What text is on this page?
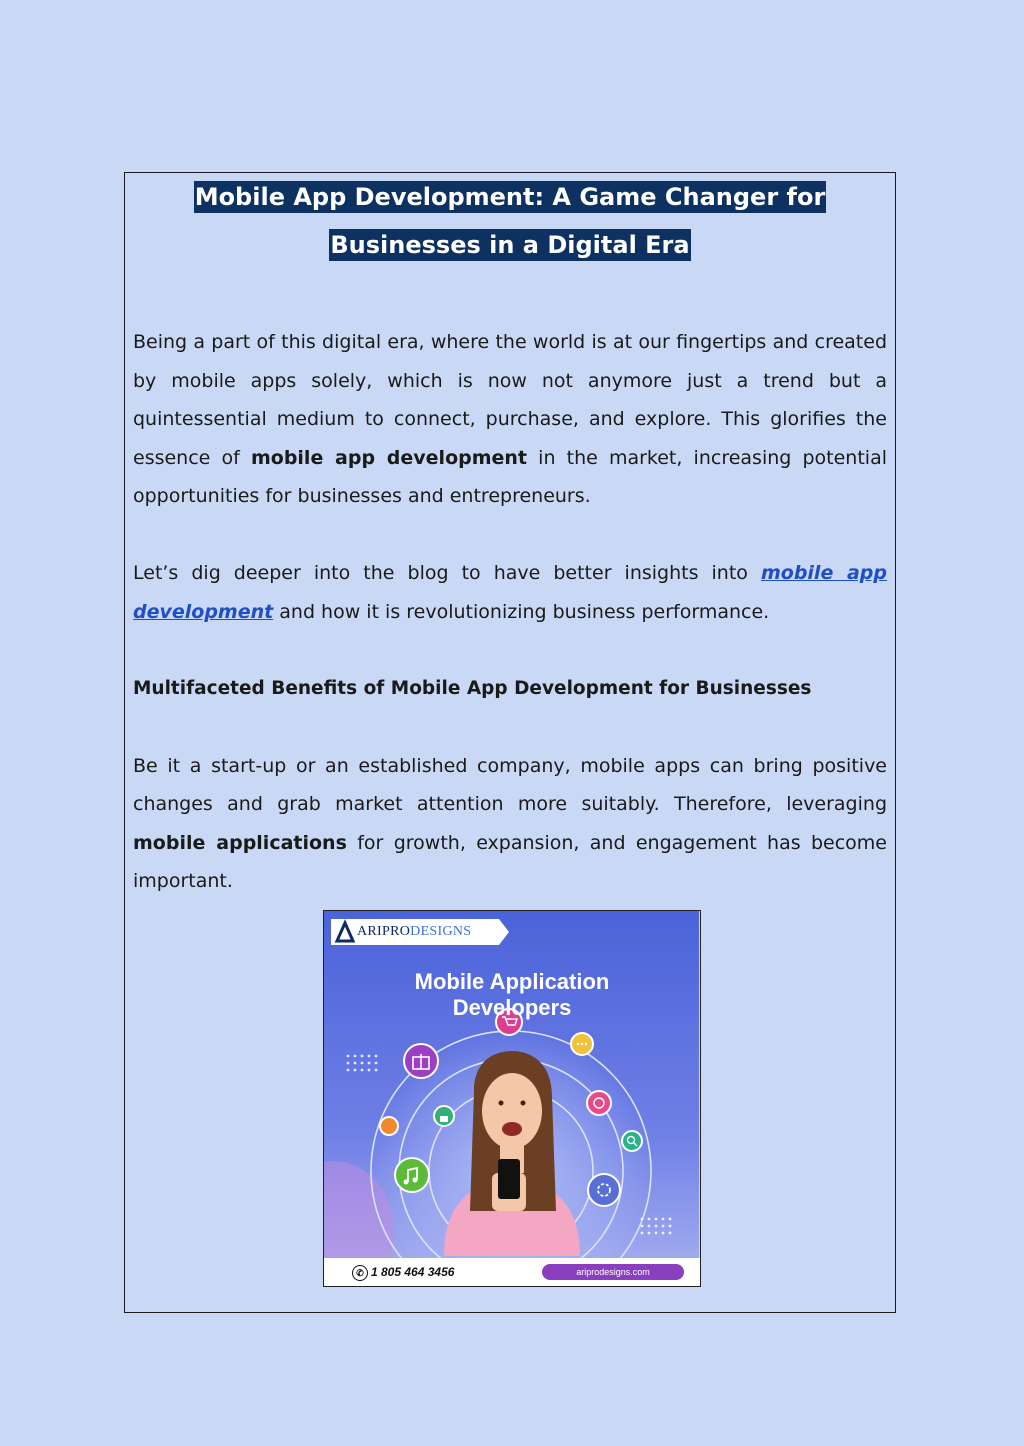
Mobile App Development: A Game Changer for
Businesses in a Digital Era

Being a part of this digital era, where the world is at our fingertips and created by mobile apps solely, which is now not anymore just a trend but a quintessential medium to connect, purchase, and explore. This glorifies the essence of mobile app development in the market, increasing potential opportunities for businesses and entrepreneurs.

Let’s dig deeper into the blog to have better insights into mobile app development and how it is revolutionizing business performance.

Multifaceted Benefits of Mobile App Development for Businesses

Be it a start-up or an established company, mobile apps can bring positive changes and grab market attention more suitably. Therefore, leveraging mobile applications for growth, expansion, and engagement has become important.

ARIPRODESIGNS
Mobile Application
Developers
✆ 1 805 464 3456	ariprodesigns.com
